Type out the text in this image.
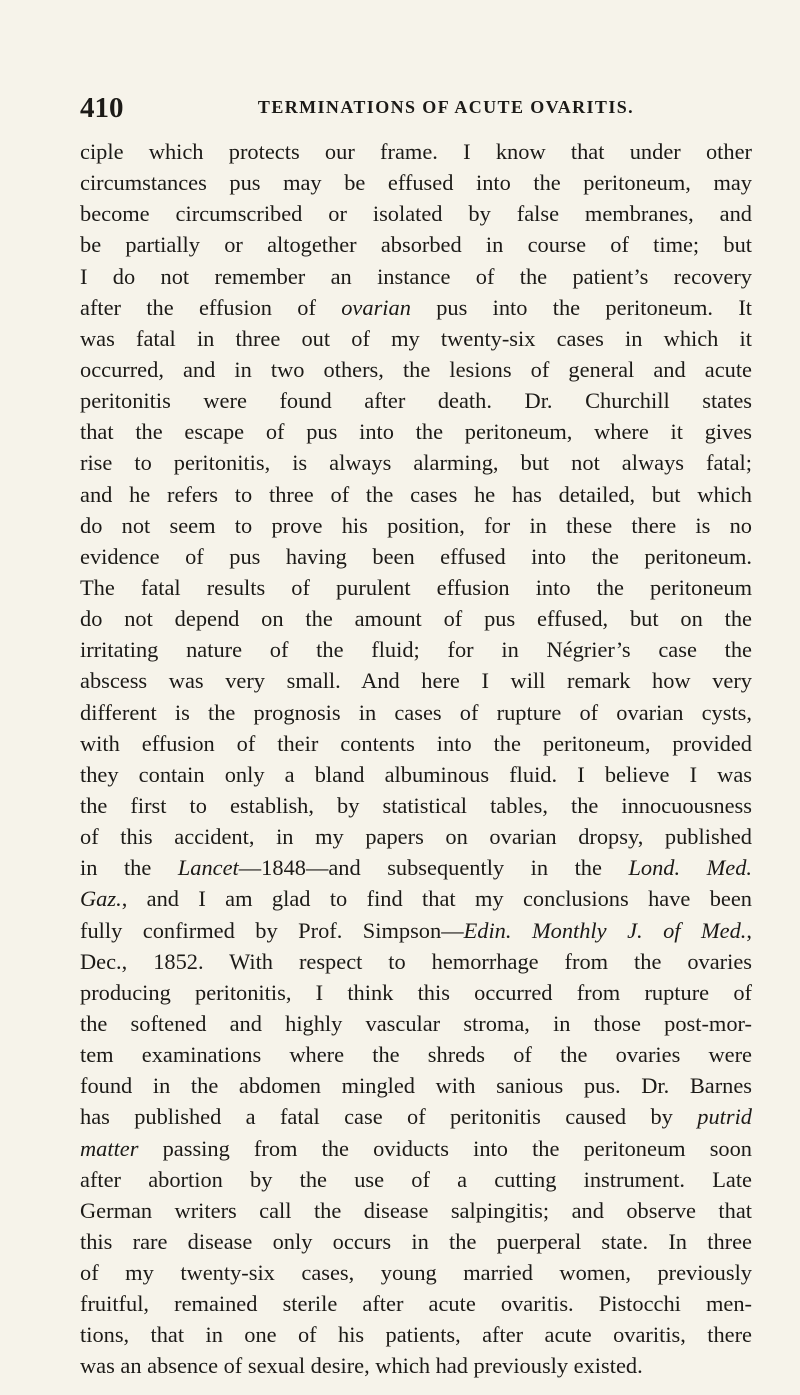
410	TERMINATIONS OF ACUTE OVARITIS.
ciple which protects our frame. I know that under other
circumstances pus may be effused into the peritoneum, may
become circumscribed or isolated by false membranes, and
be partially or altogether absorbed in course of time; but
I do not remember an instance of the patient’s recovery
after the effusion of ovarian pus into the peritoneum. It
was fatal in three out of my twenty-six cases in which it
occurred, and in two others, the lesions of general and acute
peritonitis were found after death. Dr. Churchill states
that the escape of pus into the peritoneum, where it gives
rise to peritonitis, is always alarming, but not always fatal;
and he refers to three of the cases he has detailed, but which
do not seem to prove his position, for in these there is no
evidence of pus having been effused into the peritoneum.
The fatal results of purulent effusion into the peritoneum
do not depend on the amount of pus effused, but on the
irritating nature of the fluid; for in Négrier’s case the
abscess was very small. And here I will remark how very
different is the prognosis in cases of rupture of ovarian cysts,
with effusion of their contents into the peritoneum, provided
they contain only a bland albuminous fluid. I believe I was
the first to establish, by statistical tables, the innocuousness
of this accident, in my papers on ovarian dropsy, published
in the Lancet—1848—and subsequently in the Lond. Med.
Gaz., and I am glad to find that my conclusions have been
fully confirmed by Prof. Simpson—Edin. Monthly J. of Med.,
Dec., 1852. With respect to hemorrhage from the ovaries
producing peritonitis, I think this occurred from rupture of
the softened and highly vascular stroma, in those post-mor-
tem examinations where the shreds of the ovaries were
found in the abdomen mingled with sanious pus. Dr. Barnes
has published a fatal case of peritonitis caused by putrid
matter passing from the oviducts into the peritoneum soon
after abortion by the use of a cutting instrument. Late
German writers call the disease salpingitis; and observe that
this rare disease only occurs in the puerperal state. In three
of my twenty-six cases, young married women, previously
fruitful, remained sterile after acute ovaritis. Pistocchi men-
tions, that in one of his patients, after acute ovaritis, there
was an absence of sexual desire, which had previously existed.
